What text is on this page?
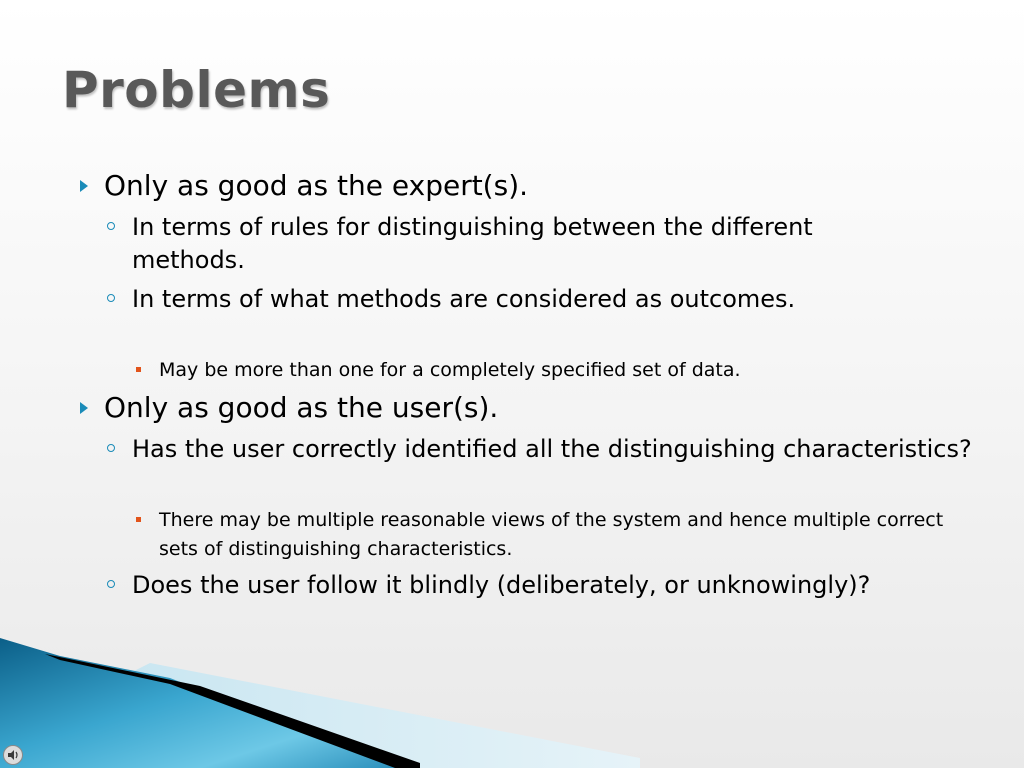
Problems
Only as good as the expert(s).
In terms of rules for distinguishing between the different methods.
In terms of what methods are considered as outcomes.
May be more than one for a completely specified set of data.
Only as good as the user(s).
Has the user correctly identified all the distinguishing characteristics?
There may be multiple reasonable views of the system and hence multiple correct sets of distinguishing characteristics.
Does the user follow it blindly (deliberately, or unknowingly)?
